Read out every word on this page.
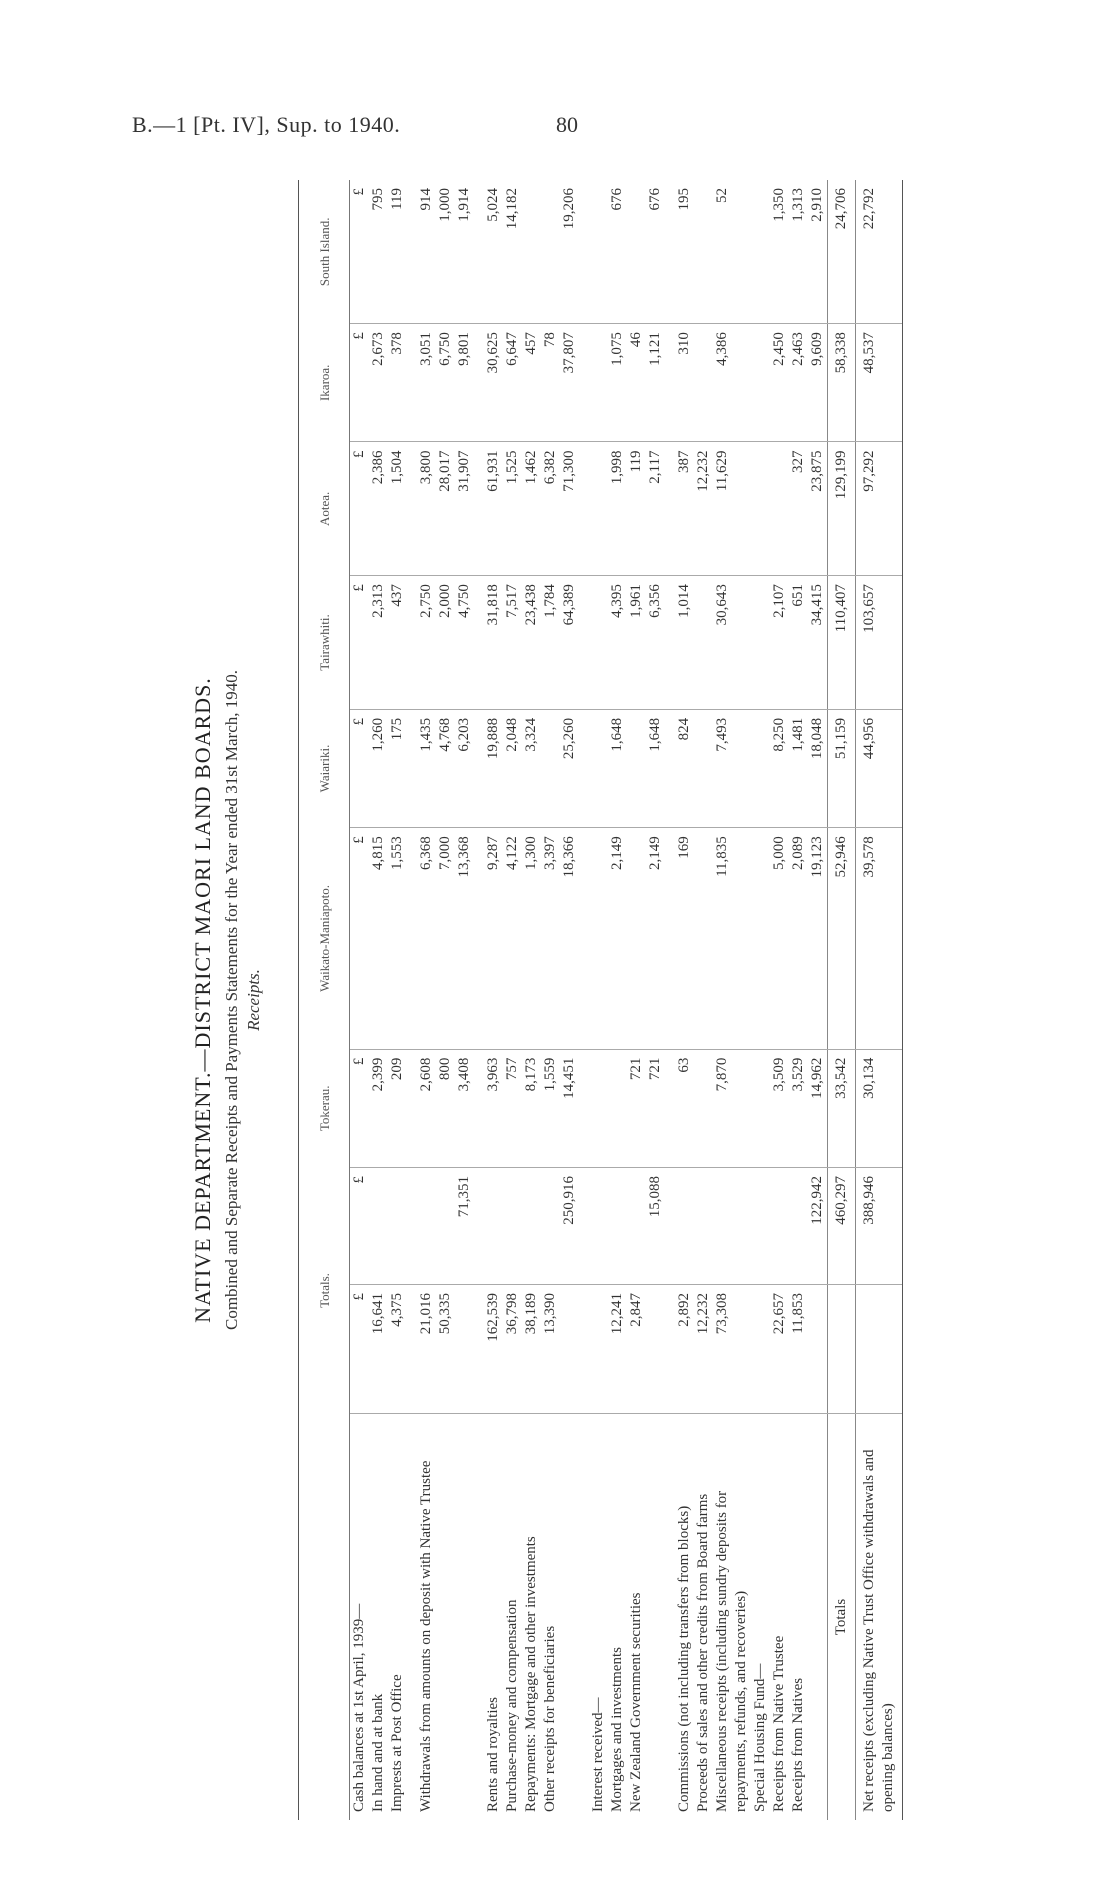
B.—1 [Pt. IV], Sup. to 1940.	80
NATIVE DEPARTMENT.—DISTRICT MAORI LAND BOARDS. Combined and Separate Receipts and Payments Statements for the Year ended 31st March, 1940. Receipts.
	Totals.		Tokerau.	Waikato-Maniapoto.	Waiariki.	Tairawhiti.	Aotea.	Ikaroa.	South Island.
Cash balances at 1st April, 1939—	£	£	£	£	£	£	£	£	£
In hand and at bank	16,641		2,399	4,815	1,260	2,313	2,386	2,673	795
Imprests at Post Office	4,375		209	1,553	175	437	1,504	378	119

Withdrawals from amounts on deposit with Native Trustee	21,016		2,608	6,368	1,435	2,750	3,800	3,051	914
	50,335		800	7,000	4,768	2,000	28,017	6,750	1,000
		71,351	3,408	13,368	6,203	4,750	31,907	9,801	1,914

Rents and royalties	162,539		3,963	9,287	19,888	31,818	61,931	30,625	5,024
Purchase-money and compensation	36,798		757	4,122	2,048	7,517	1,525	6,647	14,182
Repayments: Mortgage and other investments	38,189		8,173	1,300	3,324	23,438	1,462	457	
Other receipts for beneficiaries	13,390		1,559	3,397		1,784	6,382	78	
		250,916	14,451	18,366	25,260	64,389	71,300	37,807	19,206

Interest received—									
Mortgages and investments	12,241			2,149	1,648	4,395	1,998	1,075	676
New Zealand Government securities	2,847		721			1,961	119	46	
		15,088	721	2,149	1,648	6,356	2,117	1,121	676

Commissions (not including transfers from blocks)	2,892		63	169	824	1,014	387	310	195
Proceeds of sales and other credits from Board farms	12,232						12,232		
Miscellaneous receipts (including sundry deposits for repayments, refunds, and recoveries)	73,308		7,870	11,835	7,493	30,643	11,629	4,386	52
Special Housing Fund—									
Receipts from Native Trustee	22,657		3,509	5,000	8,250	2,107		2,450	1,350
Receipts from Natives	11,853		3,529	2,089	1,481	651	327	2,463	1,313
		122,942	14,962	19,123	18,048	34,415	23,875	9,609	2,910
Totals		460,297	33,542	52,946	51,159	110,407	129,199	58,338	24,706
Net receipts (excluding Native Trust Office withdrawals and opening balances)		388,946	30,134	39,578	44,956	103,657	97,292	48,537	22,792
